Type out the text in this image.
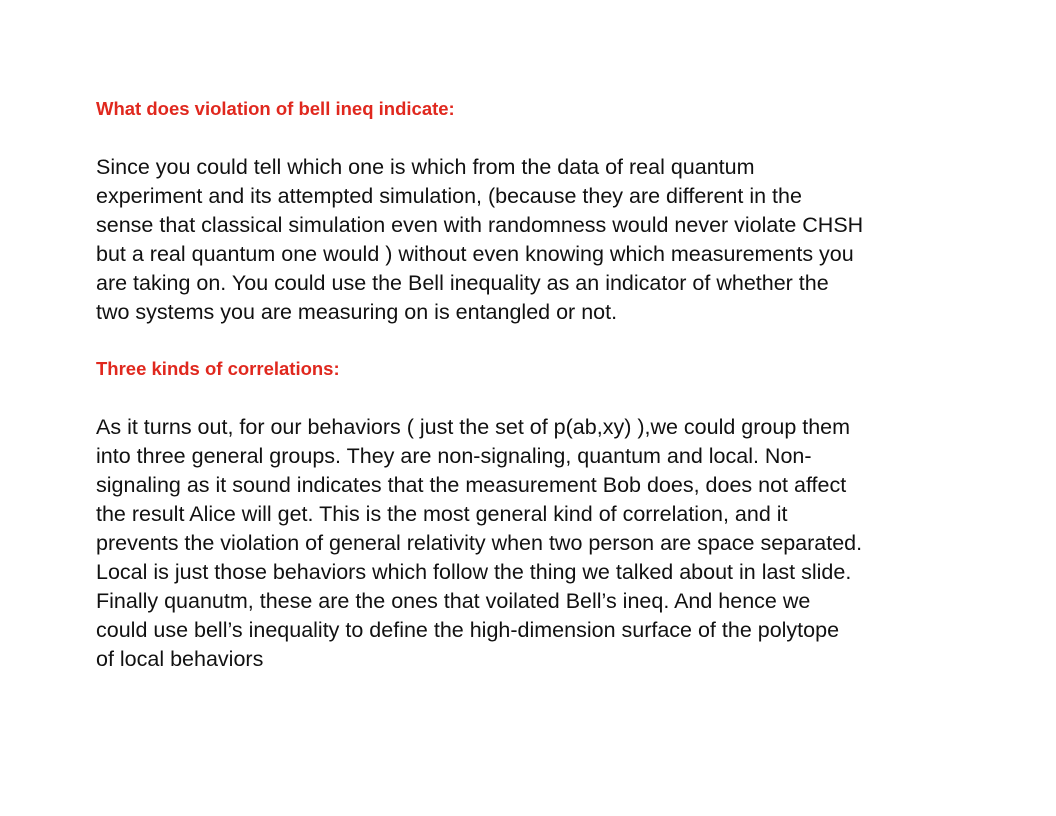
What does violation of bell ineq indicate:

Since you could tell which one is which from the data of real quantum

experiment and its attempted simulation, (because they are different in the

sense that classical simulation even with randomness would never violate CHSH

but a real quantum one would ) without even knowing which measurements you

are taking on. You could use the Bell inequality as an indicator of whether the

two systems you are measuring on is entangled or not.

Three kinds of correlations:

As it turns out, for our behaviors ( just the set of p(ab,xy) ),we could group them

into three general groups. They are non-signaling, quantum and local. Non-

signaling as it sound indicates that the measurement Bob does, does not affect

the result Alice will get. This is the most general kind of correlation, and it

prevents the violation of general relativity when two person are space separated.

Local is just those behaviors which follow the thing we talked about in last slide.

Finally quanutm, these are the ones that voilated Bell’s ineq. And hence we

could use bell’s inequality to define the high-dimension surface of the polytope

of local behaviors
